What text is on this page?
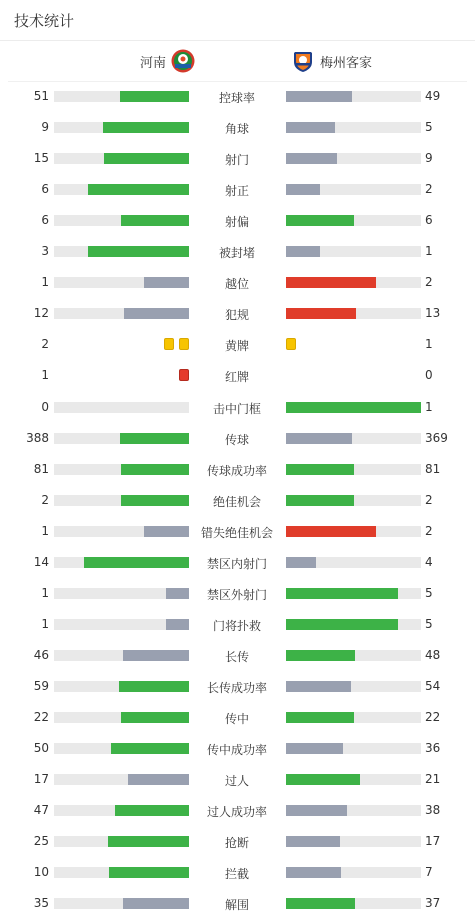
技术统计
河南	梅州客家
51	控球率	49
9	角球	5
15	射门	9
6	射正	2
6	射偏	6
3	被封堵	1
1	越位	2
12	犯规	13
2	黄牌	1
1	红牌	0
0	击中门框	1
388	传球	369
81	传球成功率	81
2	绝佳机会	2
1	错失绝佳机会	2
14	禁区内射门	4
1	禁区外射门	5
1	门将扑救	5
46	长传	48
59	长传成功率	54
22	传中	22
50	传中成功率	36
17	过人	21
47	过人成功率	38
25	抢断	17
10	拦截	7
35	解围	37
